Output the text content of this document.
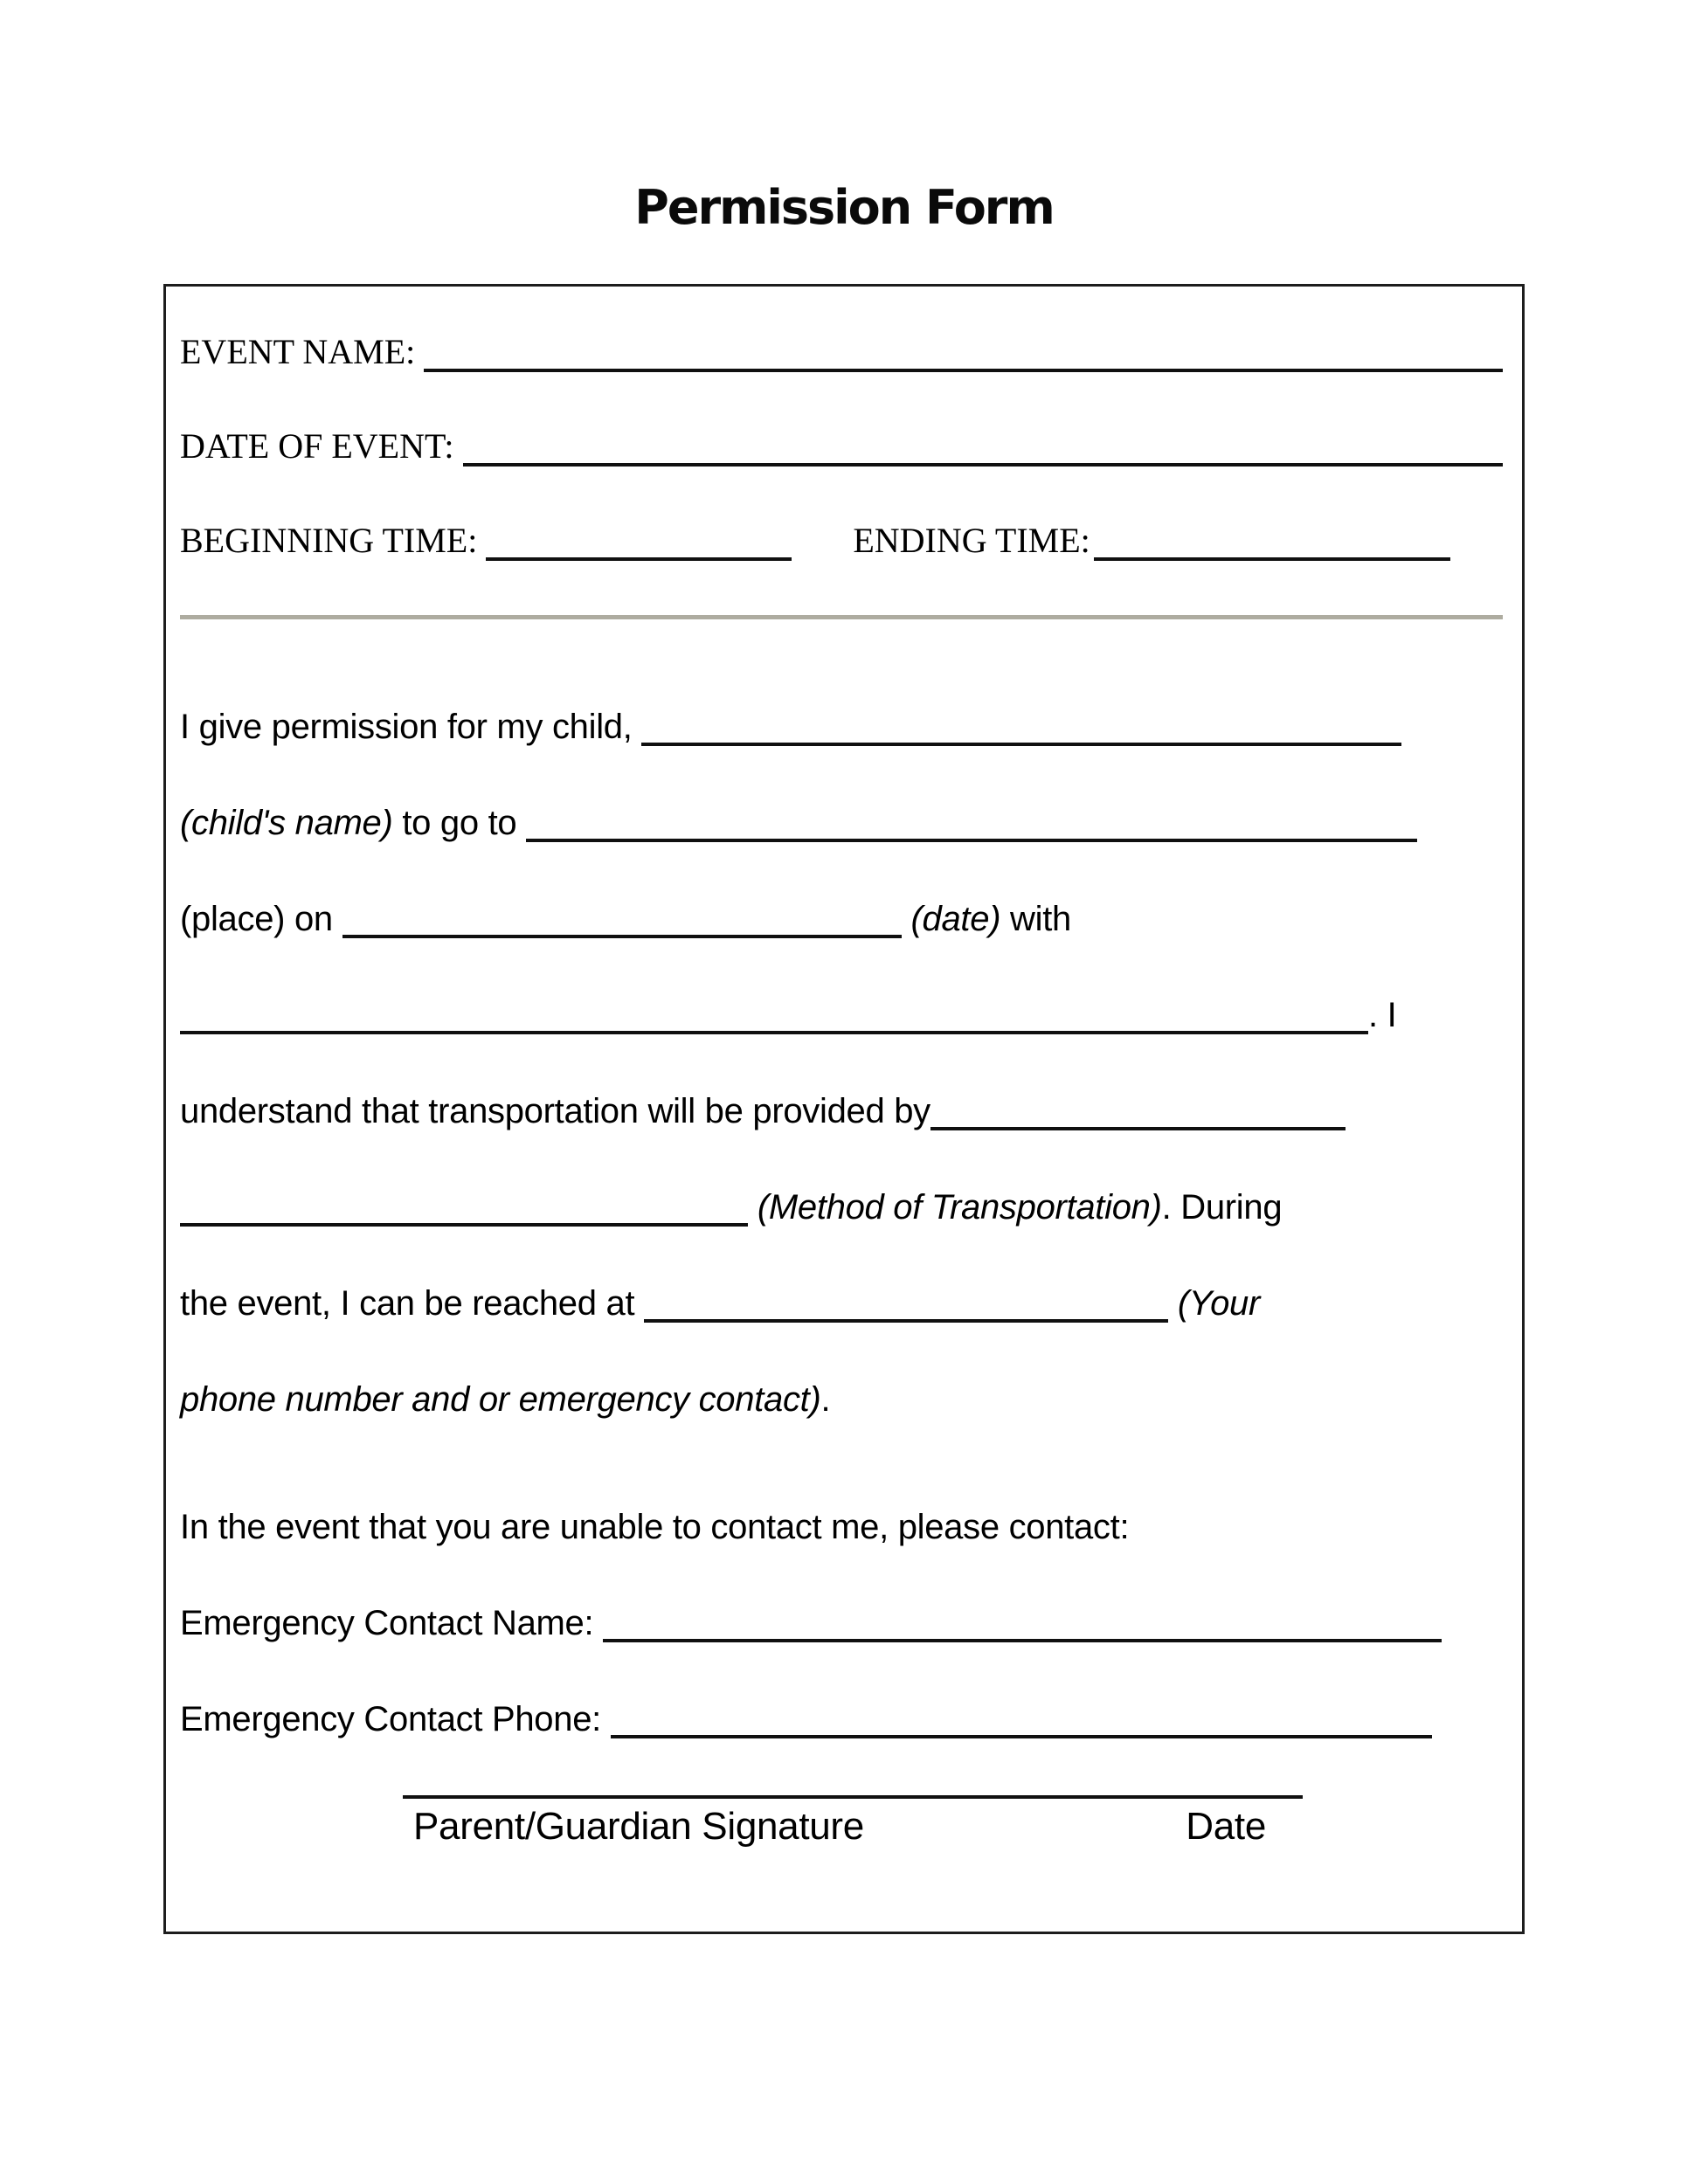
Permission Form
EVENT NAME:
DATE OF EVENT:
BEGINNING TIME:	ENDING TIME:

I give permission for my child,

(child's name) to go to

(place) on	(date) with

. I

understand that transportation will be provided by

(Method of Transportation). During

the event, I can be reached at	(Your

phone number and or emergency contact).

In the event that you are unable to contact me, please contact:

Emergency Contact Name:

Emergency Contact Phone:

Parent/Guardian Signature	Date
